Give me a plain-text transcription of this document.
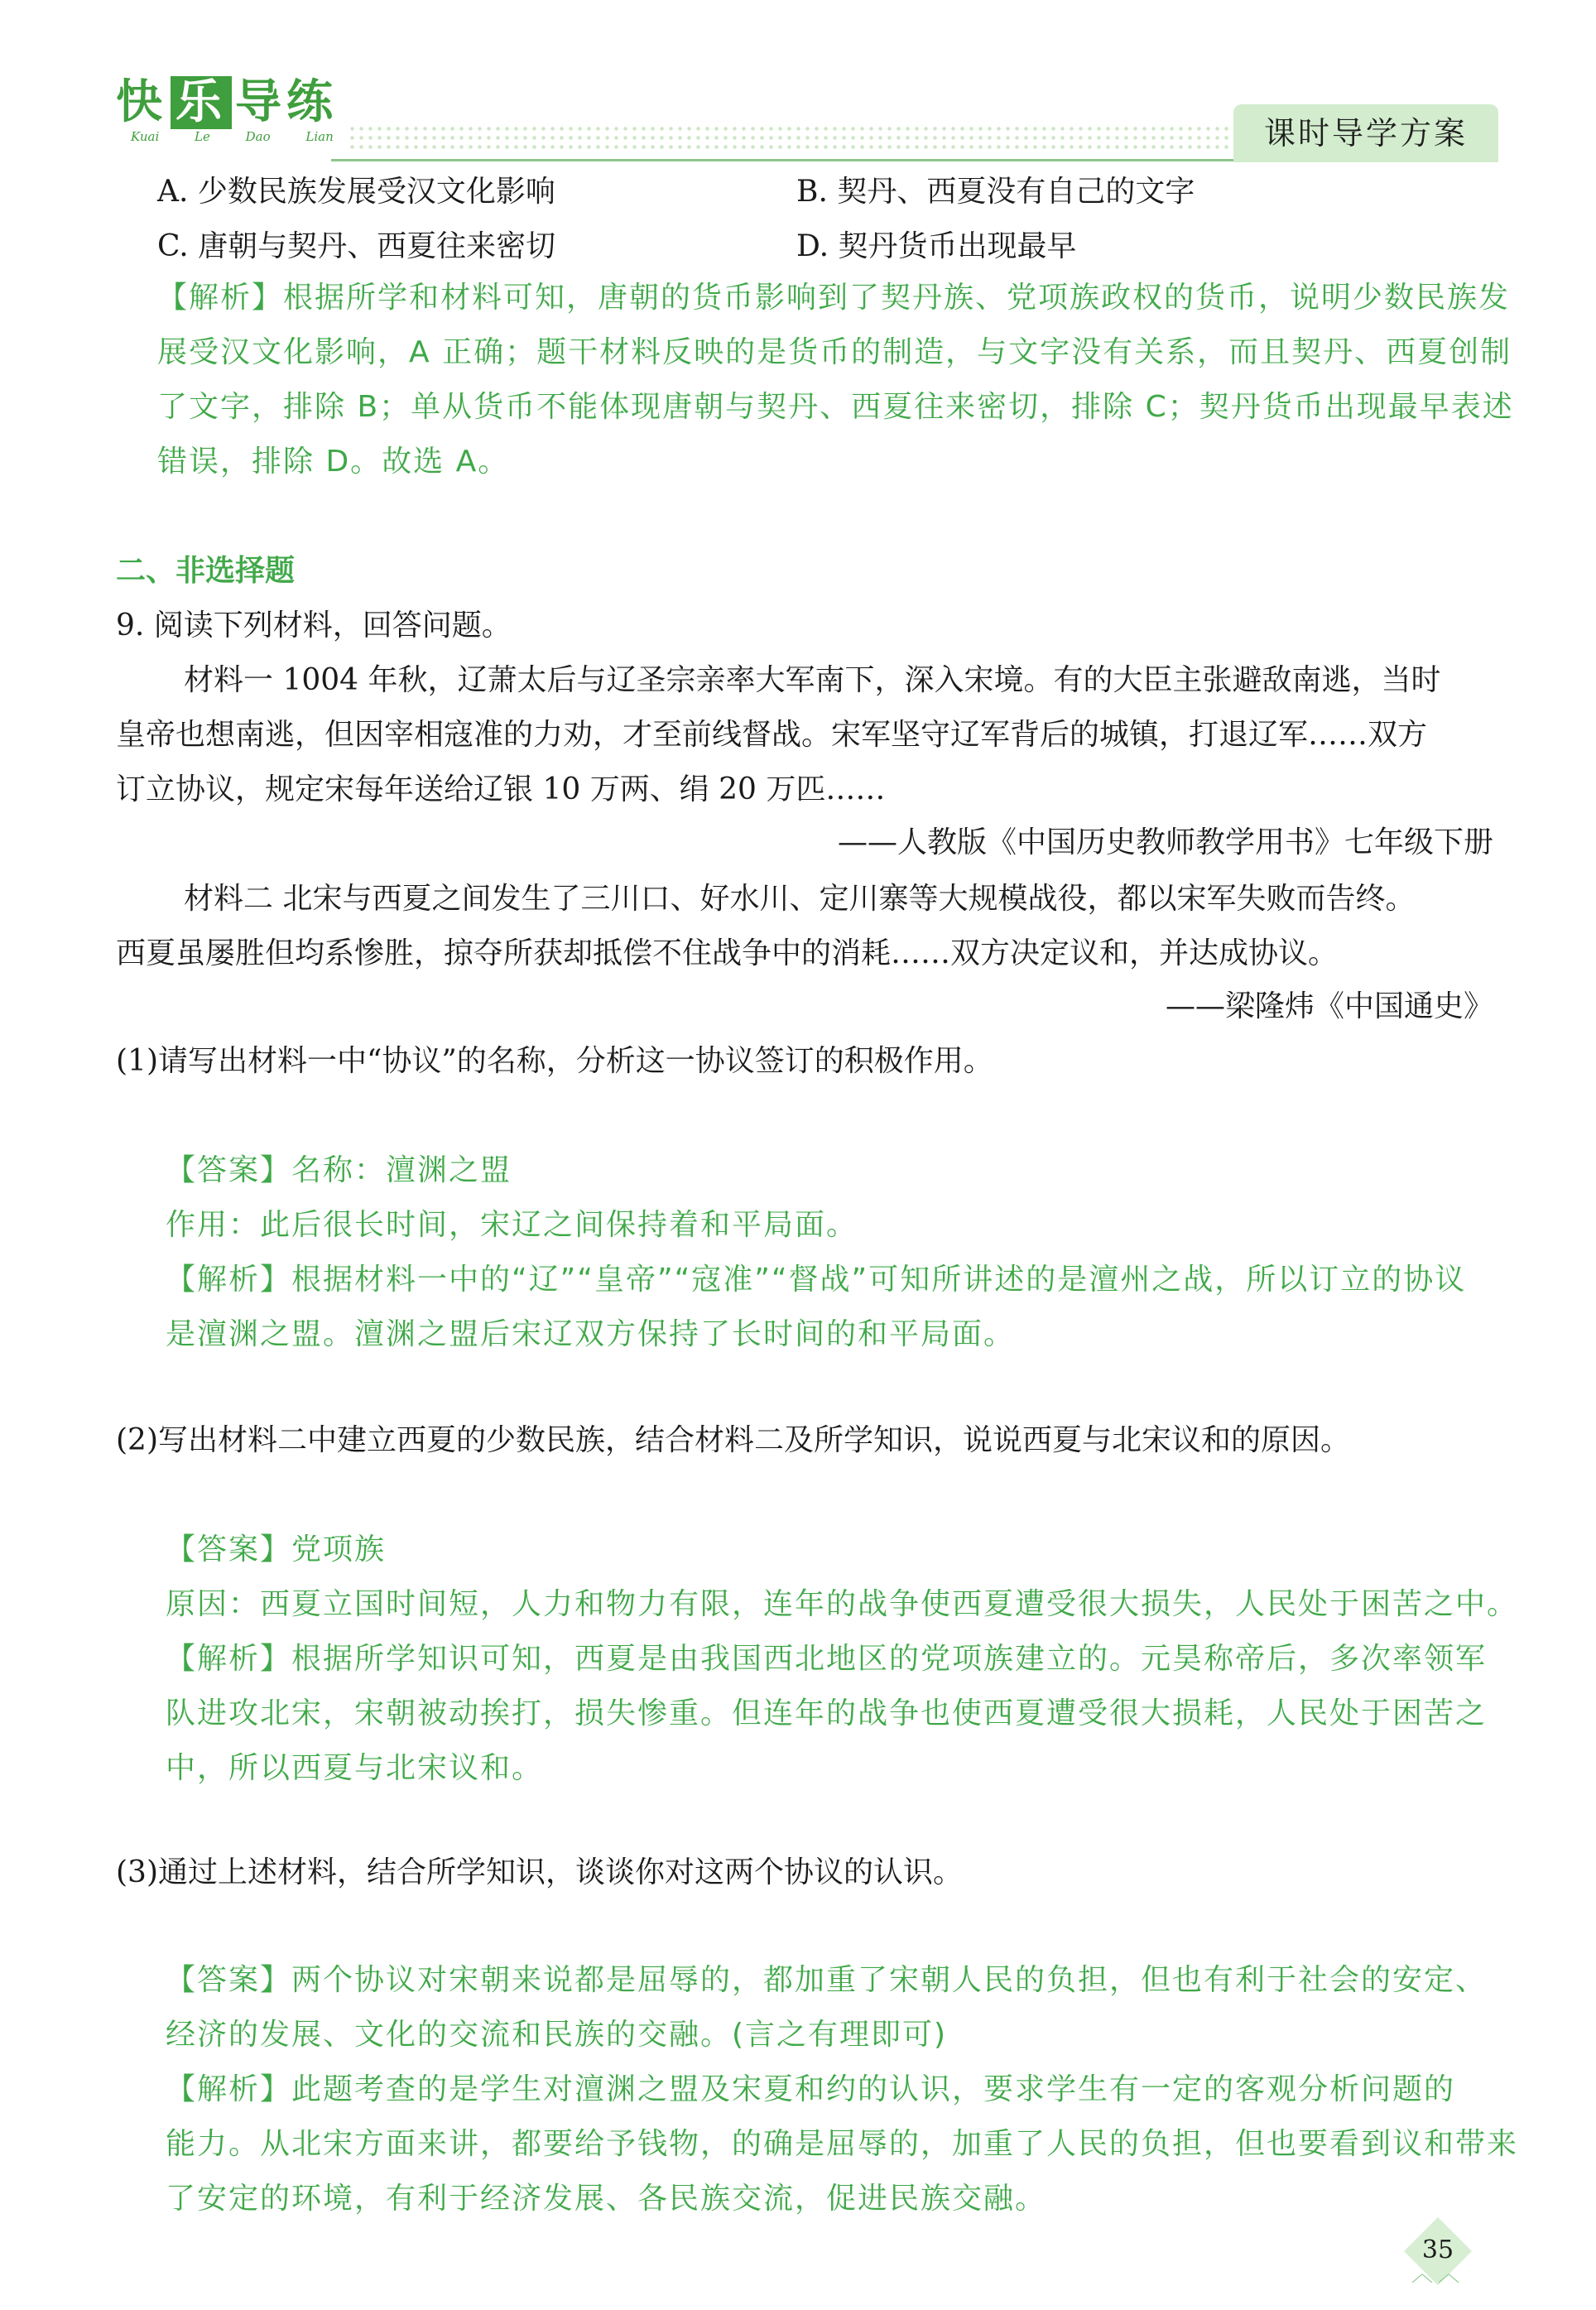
快 乐 导练
Kuai Le Dao Lian	课时导学方案
A. 少数民族发展受汉文化影响	B. 契丹、西夏没有自己的文字
C. 唐朝与契丹、西夏往来密切	D. 契丹货币出现最早
【解析】根据所学和材料可知，唐朝的货币影响到了契丹族、党项族政权的货币，说明少数民族发
展受汉文化影响，A 正确；题干材料反映的是货币的制造，与文字没有关系，而且契丹、西夏创制
了文字，排除 B；单从货币不能体现唐朝与契丹、西夏往来密切，排除 C；契丹货币出现最早表述
错误，排除 D。故选 A。
二、非选择题
9. 阅读下列材料，回答问题。
材料一 1004 年秋，辽萧太后与辽圣宗亲率大军南下，深入宋境。有的大臣主张避敌南逃，当时
皇帝也想南逃，但因宰相寇准的力劝，才至前线督战。宋军坚守辽军背后的城镇，打退辽军……双方
订立协议，规定宋每年送给辽银 10 万两、绢 20 万匹……
——人教版《中国历史教师教学用书》七年级下册
材料二 北宋与西夏之间发生了三川口、好水川、定川寨等大规模战役，都以宋军失败而告终。
西夏虽屡胜但均系惨胜，掠夺所获却抵偿不住战争中的消耗……双方决定议和，并达成协议。
——梁隆炜《中国通史》
(1)请写出材料一中“协议”的名称，分析这一协议签订的积极作用。
【答案】名称：澶渊之盟
作用：此后很长时间，宋辽之间保持着和平局面。
【解析】根据材料一中的“辽”“皇帝”“寇准”“督战”可知所讲述的是澶州之战，所以订立的协议
是澶渊之盟。澶渊之盟后宋辽双方保持了长时间的和平局面。
(2)写出材料二中建立西夏的少数民族，结合材料二及所学知识，说说西夏与北宋议和的原因。
【答案】党项族
原因：西夏立国时间短，人力和物力有限，连年的战争使西夏遭受很大损失，人民处于困苦之中。
【解析】根据所学知识可知，西夏是由我国西北地区的党项族建立的。元昊称帝后，多次率领军
队进攻北宋，宋朝被动挨打，损失惨重。但连年的战争也使西夏遭受很大损耗，人民处于困苦之
中，所以西夏与北宋议和。
(3)通过上述材料，结合所学知识，谈谈你对这两个协议的认识。
【答案】两个协议对宋朝来说都是屈辱的，都加重了宋朝人民的负担，但也有利于社会的安定、
经济的发展、文化的交流和民族的交融。(言之有理即可)
【解析】此题考查的是学生对澶渊之盟及宋夏和约的认识，要求学生有一定的客观分析问题的
能力。从北宋方面来讲，都要给予钱物，的确是屈辱的，加重了人民的负担，但也要看到议和带来
了安定的环境，有利于经济发展、各民族交流，促进民族交融。
35
︿︿
